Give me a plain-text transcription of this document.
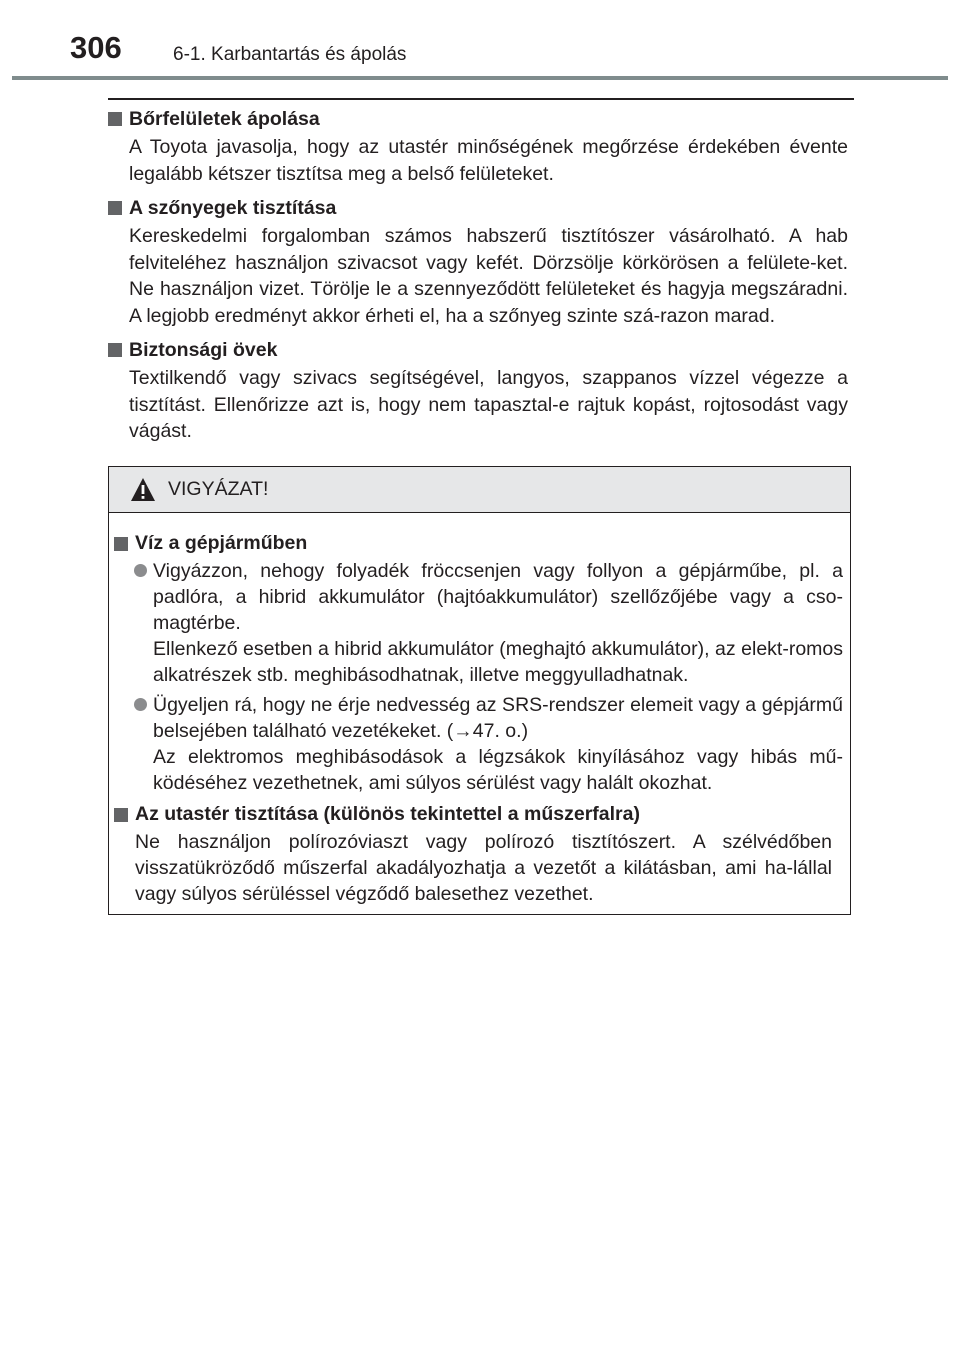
306	6-1. Karbantartás és ápolás
Bőrfelületek ápolása

A Toyota javasolja, hogy az utastér minőségének megőrzése érdekében évente legalább kétszer tisztítsa meg a belső felületeket.

A szőnyegek tisztítása

Kereskedelmi forgalomban számos habszerű tisztítószer vásárolható. A hab felviteléhez használjon szivacsot vagy kefét. Dörzsölje körkörösen a felülete-ket. Ne használjon vizet. Törölje le a szennyeződött felületeket és hagyja megszáradni. A legjobb eredményt akkor érheti el, ha a szőnyeg szinte szá-razon marad.

Biztonsági övek

Textilkendő vagy szivacs segítségével, langyos, szappanos vízzel végezze a tisztítást. Ellenőrizze azt is, hogy nem tapasztal-e rajtuk kopást, rojtosodást vagy vágást.

VIGYÁZAT!
Víz a gépjárműben
Vigyázzon, nehogy folyadék fröccsenjen vagy follyon a gépjárműbe, pl. a padlóra, a hibrid akkumulátor (hajtóakkumulátor) szellőzőjébe vagy a cso-magtérbe.
Ellenkező esetben a hibrid akkumulátor (meghajtó akkumulátor), az elekt-romos alkatrészek stb. meghibásodhatnak, illetve meggyulladhatnak.
Ügyeljen rá, hogy ne érje nedvesség az SRS-rendszer elemeit vagy a gépjármű belsejében található vezetékeket. (→47. o.)
Az elektromos meghibásodások a légzsákok kinyílásához vagy hibás mű-ködéséhez vezethetnek, ami súlyos sérülést vagy halált okozhat.
Az utastér tisztítása (különös tekintettel a műszerfalra)

Ne használjon polírozóviaszt vagy polírozó tisztítószert. A szélvédőben visszatükröződő műszerfal akadályozhatja a vezetőt a kilátásban, ami ha-lállal vagy súlyos sérüléssel végződő balesethez vezethet.
